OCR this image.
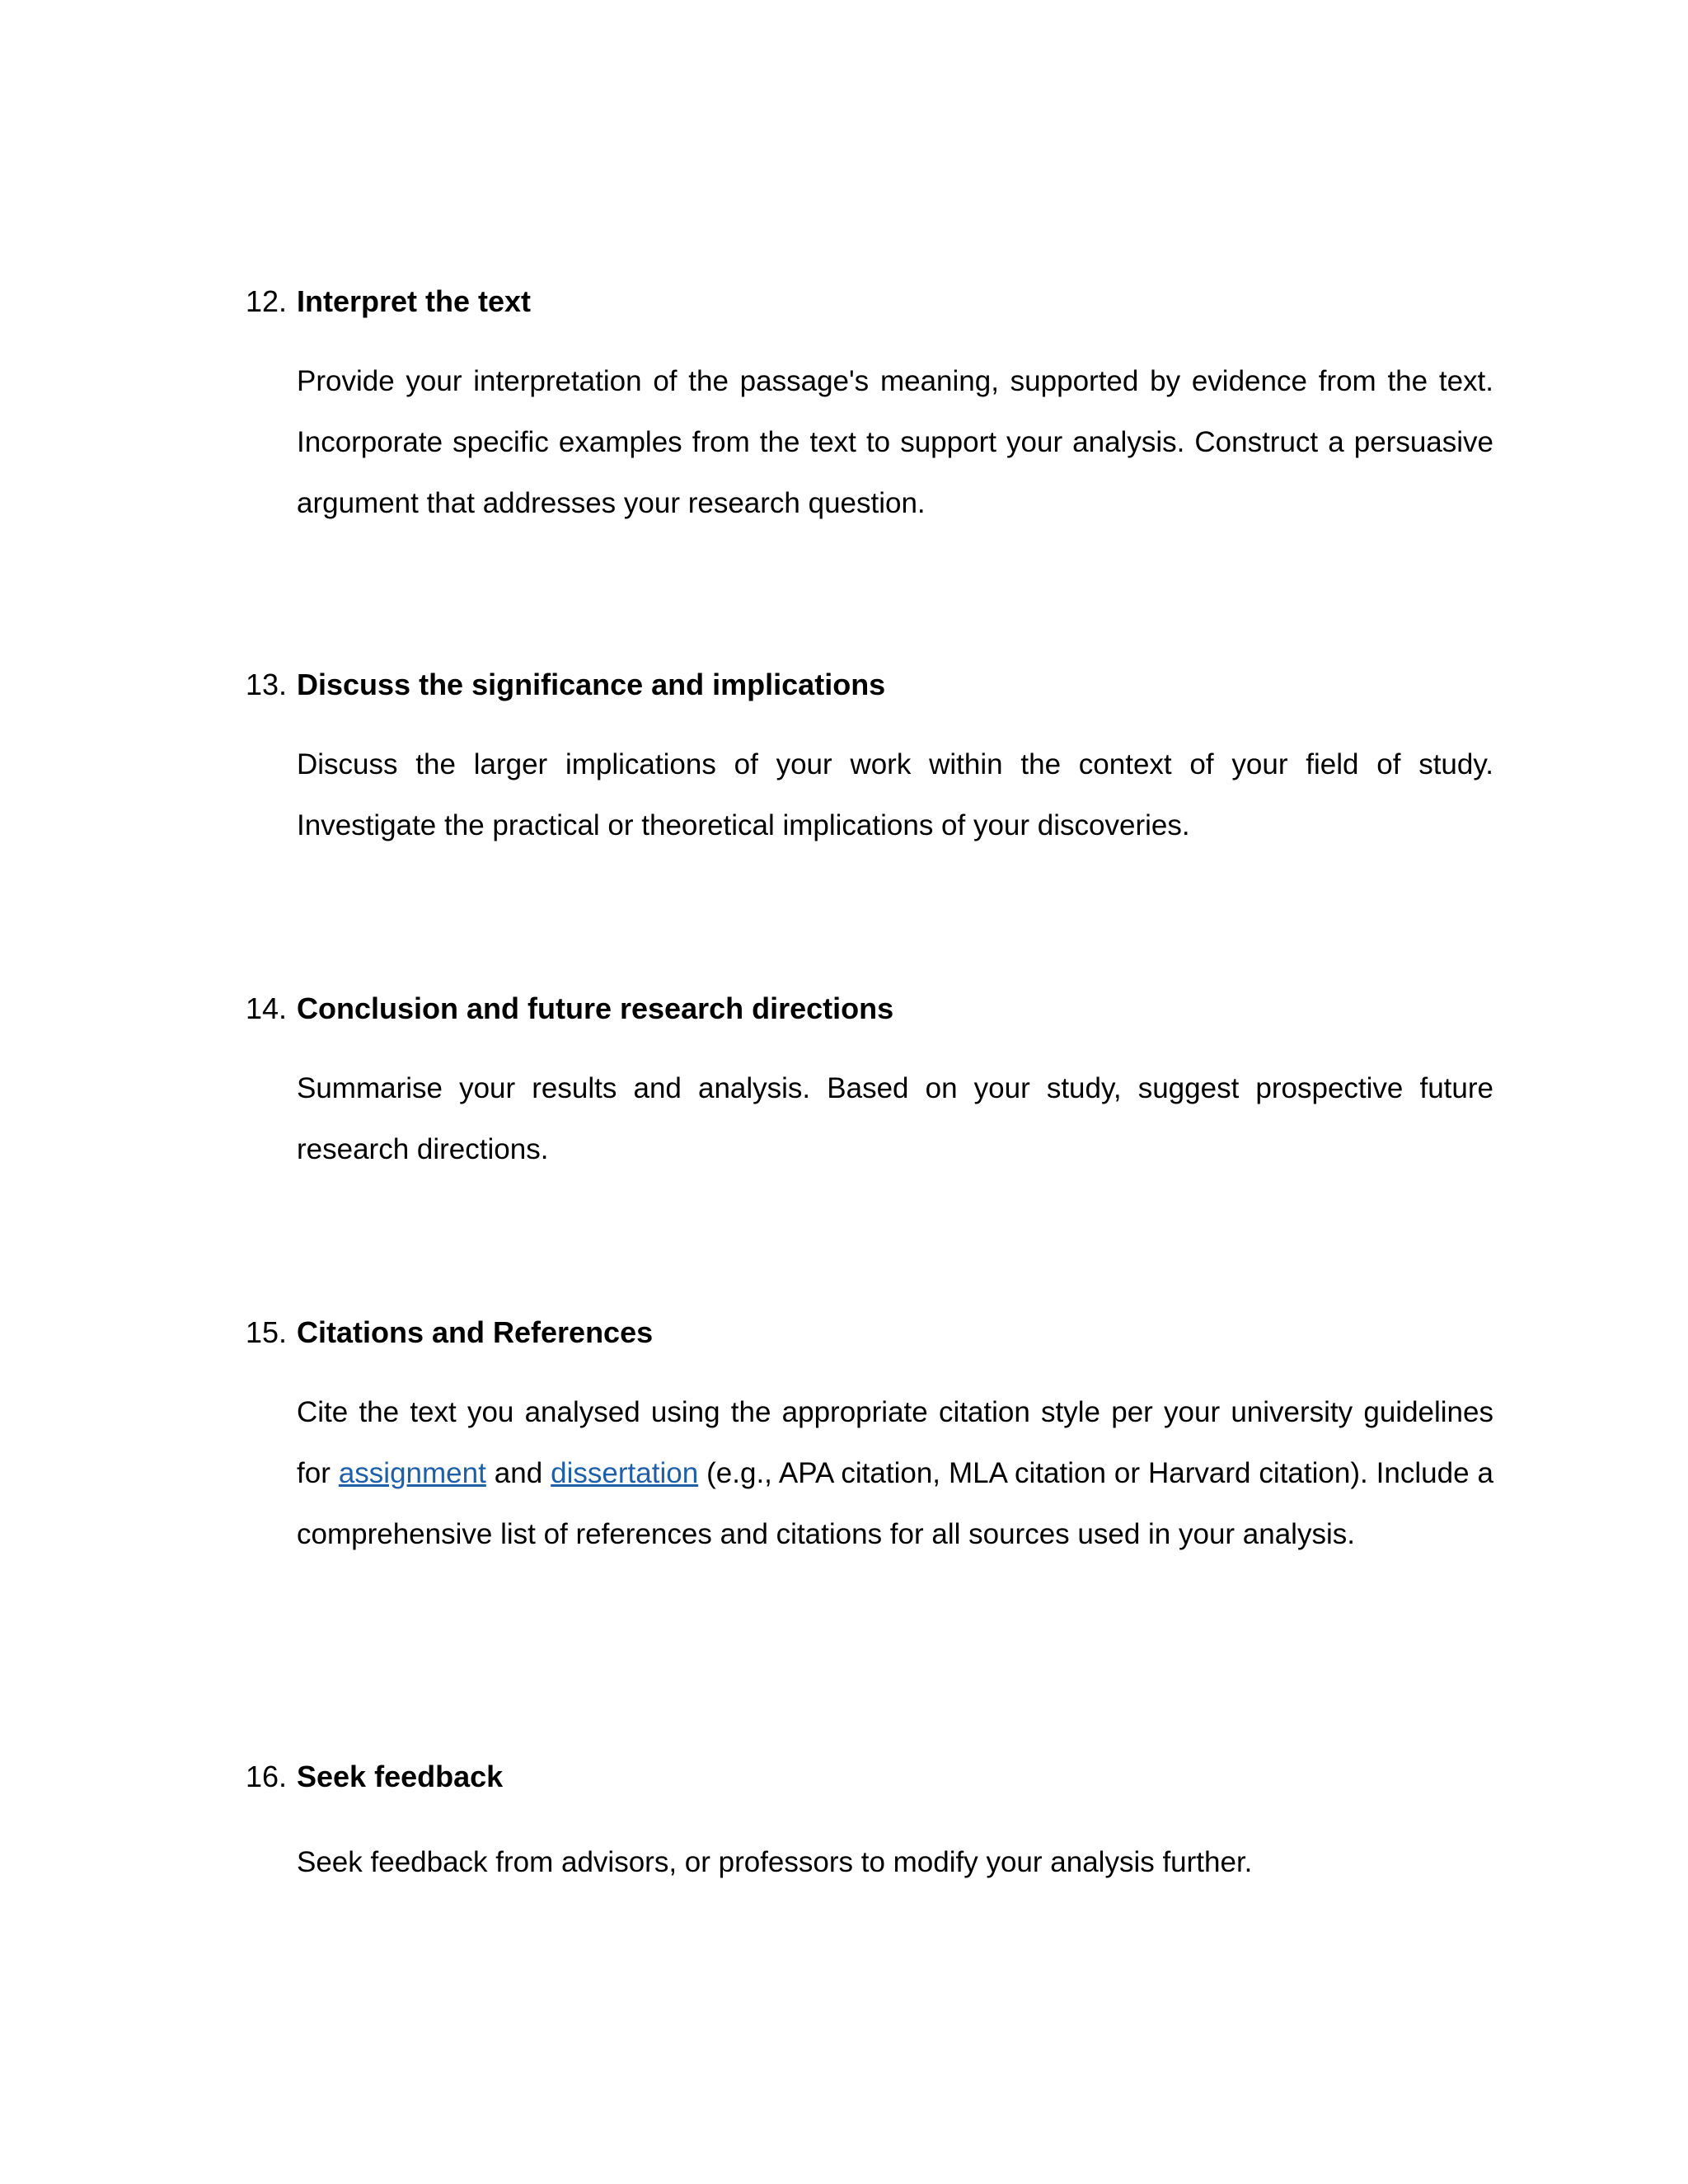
12. Interpret the text
Provide your interpretation of the passage's meaning, supported by evidence from the text. Incorporate specific examples from the text to support your analysis. Construct a persuasive argument that addresses your research question.
13. Discuss the significance and implications
Discuss the larger implications of your work within the context of your field of study. Investigate the practical or theoretical implications of your discoveries.
14. Conclusion and future research directions
Summarise your results and analysis. Based on your study, suggest prospective future research directions.
15. Citations and References
Cite the text you analysed using the appropriate citation style per your university guidelines for assignment and dissertation (e.g., APA citation, MLA citation or Harvard citation). Include a comprehensive list of references and citations for all sources used in your analysis.
16. Seek feedback
Seek feedback from advisors, or professors to modify your analysis further.
